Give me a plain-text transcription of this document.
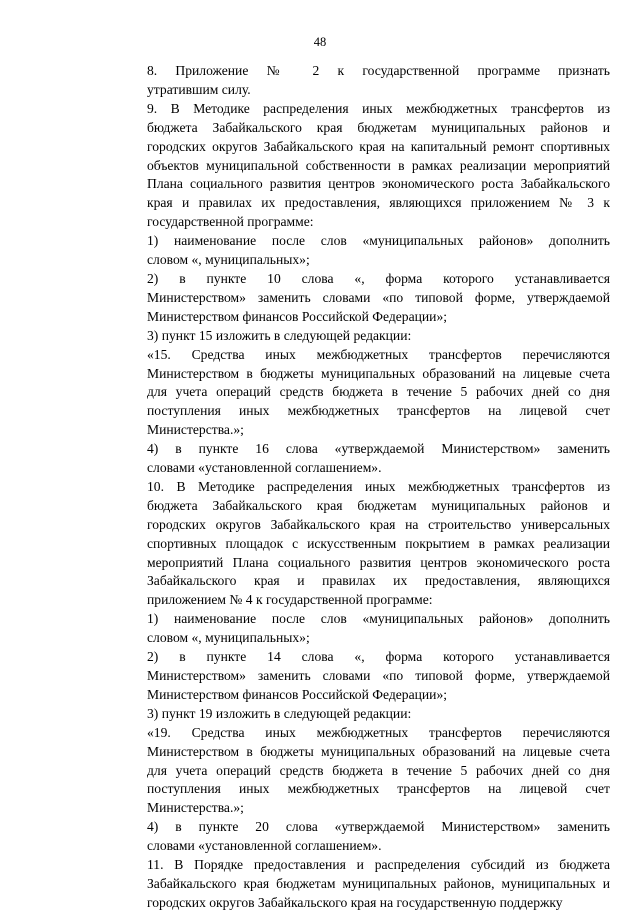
48
8. Приложение № 2 к государственной программе признать
утратившим силу.
9. В Методике распределения иных межбюджетных трансфертов из
бюджета Забайкальского края бюджетам муниципальных районов и
городских округов Забайкальского края на капитальный ремонт спортивных
объектов муниципальной собственности в рамках реализации мероприятий
Плана социального развития центров экономического роста Забайкальского
края и правилах их предоставления, являющихся приложением № 3 к
государственной программе:
1) наименование после слов «муниципальных районов» дополнить
словом «, муниципальных»;
2) в пункте 10 слова «, форма которого устанавливается
Министерством» заменить словами «по типовой форме, утверждаемой
Министерством финансов Российской Федерации»;
3) пункт 15 изложить в следующей редакции:
«15. Средства иных межбюджетных трансфертов перечисляются
Министерством в бюджеты муниципальных образований на лицевые счета
для учета операций средств бюджета в течение 5 рабочих дней со дня
поступления иных межбюджетных трансфертов на лицевой счет
Министерства.»;
4) в пункте 16 слова «утверждаемой Министерством» заменить
словами «установленной соглашением».
10. В Методике распределения иных межбюджетных трансфертов из
бюджета Забайкальского края бюджетам муниципальных районов и
городских округов Забайкальского края на строительство универсальных
спортивных площадок с искусственным покрытием в рамках реализации
мероприятий Плана социального развития центров экономического роста
Забайкальского края и правилах их предоставления, являющихся
приложением № 4 к государственной программе:
1) наименование после слов «муниципальных районов» дополнить
словом «, муниципальных»;
2) в пункте 14 слова «, форма которого устанавливается
Министерством» заменить словами «по типовой форме, утверждаемой
Министерством финансов Российской Федерации»;
3) пункт 19 изложить в следующей редакции:
«19. Средства иных межбюджетных трансфертов перечисляются
Министерством в бюджеты муниципальных образований на лицевые счета
для учета операций средств бюджета в течение 5 рабочих дней со дня
поступления иных межбюджетных трансфертов на лицевой счет
Министерства.»;
4) в пункте 20 слова «утверждаемой Министерством» заменить
словами «установленной соглашением».
11. В Порядке предоставления и распределения субсидий из бюджета
Забайкальского края бюджетам муниципальных районов, муниципальных и
городских округов Забайкальского края на государственную поддержку
